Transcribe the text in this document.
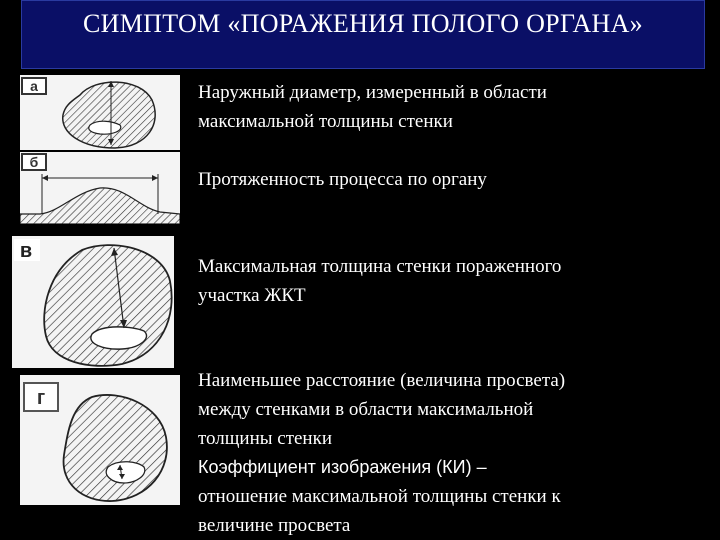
СИМПТОМ «ПОРАЖЕНИЯ ПОЛОГО ОРГАНА»
а
б
в
г
Наружный диаметр, измеренный в области
максимальной толщины стенки
Протяженность процесса по органу
Максимальная толщина стенки пораженного
участка ЖКТ
Наименьшее расстояние (величина просвета)
между стенками в области максимальной
толщины стенки
Коэффициент изображения (КИ) –
отношение максимальной толщины стенки к
величине просвета
